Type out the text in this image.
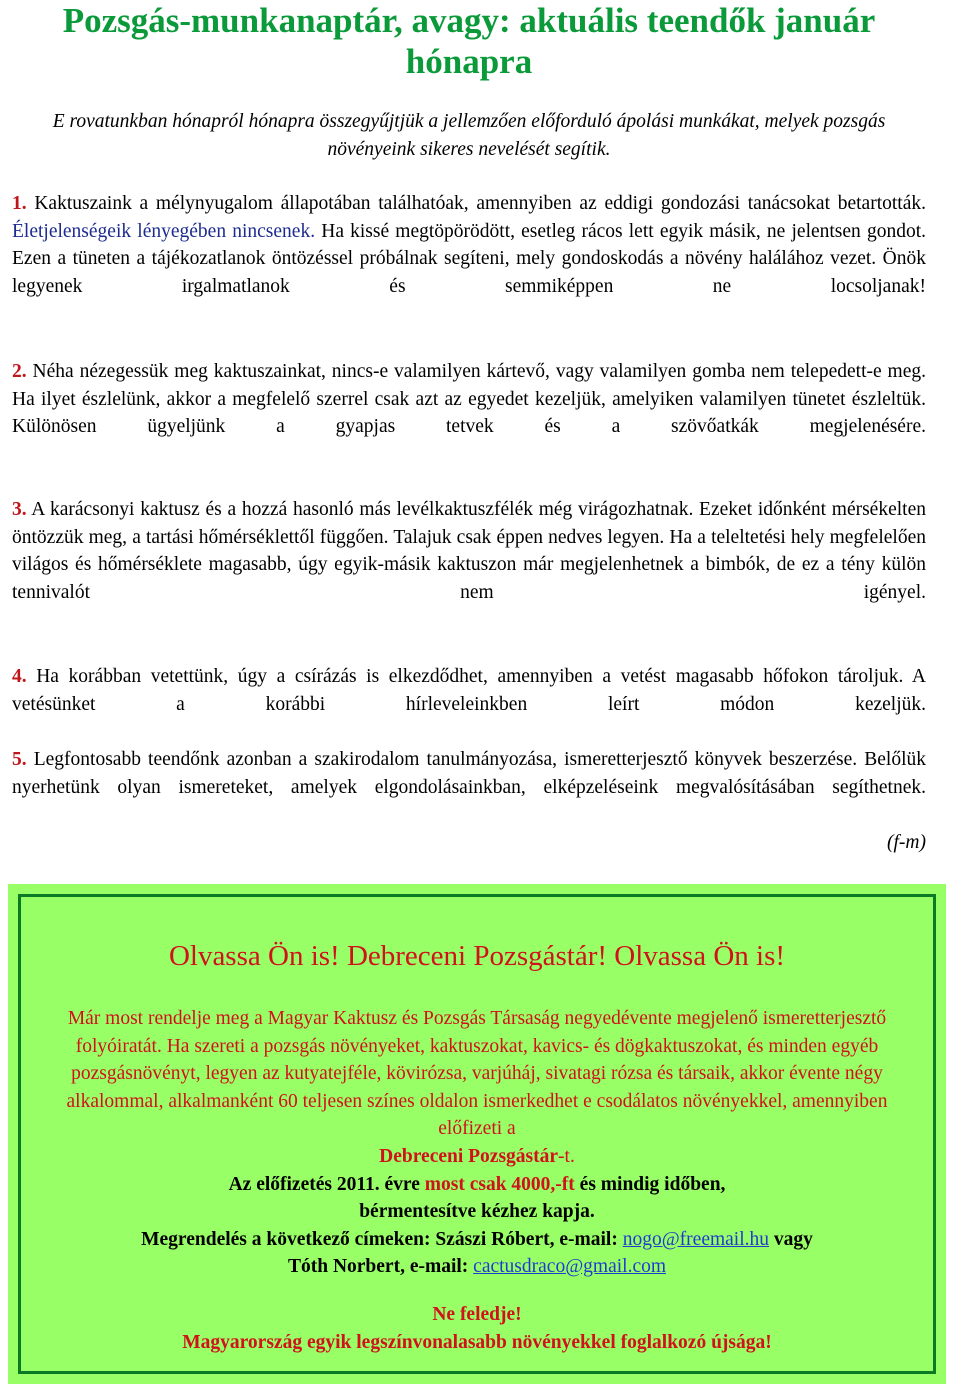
Pozsgás-munkanaptár, avagy: aktuális teendők január hónapra
E rovatunkban hónapról hónapra összegyűjtjük a jellemzően előforduló ápolási munkákat, melyek pozsgás növényeink sikeres nevelését segítik.
1. Kaktuszaink a mélynyugalom állapotában találhatóak, amennyiben az eddigi gondozási tanácsokat betartották. Életjelenségeik lényegében nincsenek. Ha kissé megtöpörödött, esetleg rácos lett egyik másik, ne jelentsen gondot. Ezen a tüneten a tájékozatlanok öntözéssel próbálnak segíteni, mely gondoskodás a növény halálához vezet. Önök legyenek irgalmatlanok és semmiképpen ne locsoljanak!
2. Néha nézegessük meg kaktuszainkat, nincs-e valamilyen kártevő, vagy valamilyen gomba nem telepedett-e meg. Ha ilyet észlelünk, akkor a megfelelő szerrel csak azt az egyedet kezeljük, amelyiken valamilyen tünetet észleltük. Különösen ügyeljünk a gyapjas tetvek és a szövőatkák megjelenésére.
3. A karácsonyi kaktusz és a hozzá hasonló más levélkaktuszfélék még virágozhatnak. Ezeket időnként mérsékelten öntözzük meg, a tartási hőmérséklettől függően. Talajuk csak éppen nedves legyen. Ha a teleltetési hely megfelelően világos és hőmérséklete magasabb, úgy egyik-másik kaktuszon már megjelenhetnek a bimbók, de ez a tény külön tennivalót nem igényel.
4. Ha korábban vetettünk, úgy a csírázás is elkezdődhet, amennyiben a vetést magasabb hőfokon tároljuk. A vetésünket a korábbi hírleveleinkben leírt módon kezeljük.
5. Legfontosabb teendőnk azonban a szakirodalom tanulmányozása, ismeretterjesztő könyvek beszerzése. Belőlük nyerhetünk olyan ismereteket, amelyek elgondolásainkban, elképzeléseink megvalósításában segíthetnek.
(f-m)
Olvassa Ön is! Debreceni Pozsgástár! Olvassa Ön is!
Már most rendelje meg a Magyar Kaktusz és Pozsgás Társaság negyedévente megjelenő ismeretterjesztő folyóiratát. Ha szereti a pozsgás növényeket, kaktuszokat, kavics- és dögkaktuszokat, és minden egyéb pozsgásnövényt, legyen az kutyatejféle, kövirózsa, varjúháj, sivatagi rózsa és társaik, akkor évente négy alkalommal, alkalmanként 60 teljesen színes oldalon ismerkedhet e csodálatos növényekkel, amennyiben előfizeti a
Debreceni Pozsgástár-t.
Az előfizetés 2011. évre most csak 4000,-ft és mindig időben,
bérmentesítve kézhez kapja.
Megrendelés a következő címeken: Szászi Róbert, e-mail: nogo@freemail.hu vagy
Tóth Norbert, e-mail: cactusdraco@gmail.com
Ne feledje!
Magyarország egyik legszínvonalasabb növényekkel foglalkozó újsága!
